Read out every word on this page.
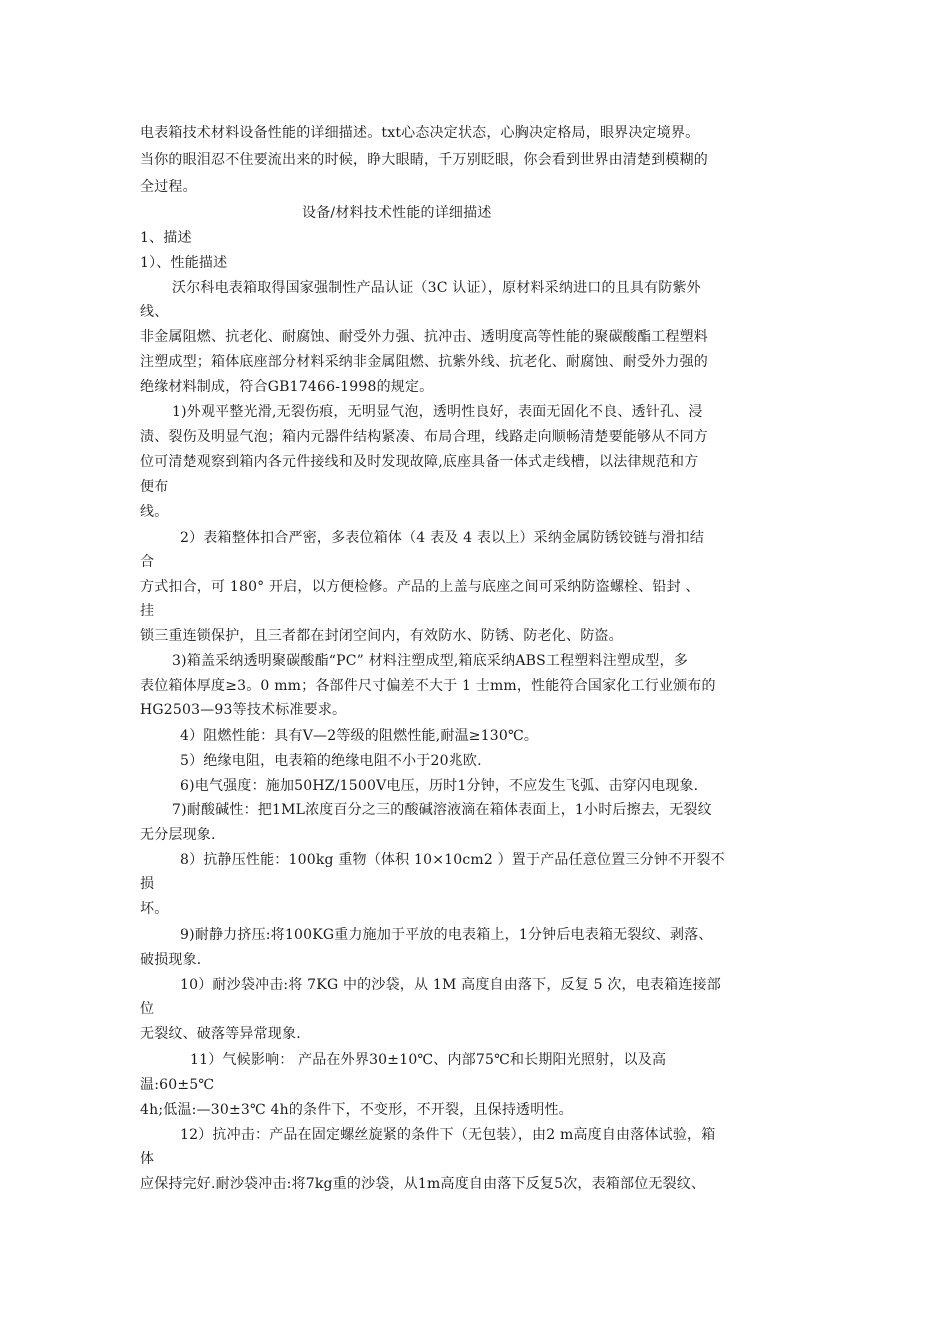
电表箱技术材料设备性能的详细描述。txt心态决定状态，心胸决定格局，眼界决定境界。
当你的眼泪忍不住要流出来的时候，睁大眼睛，千万别眨眼，你会看到世界由清楚到模糊的
全过程。
设备/材料技术性能的详细描述
1、描述
1）、性能描述
沃尔科电表箱取得国家强制性产品认证（3C 认证），原材料采纳进口的且具有防紫外
线、
非金属阻燃、抗老化、耐腐蚀、耐受外力强、抗冲击、透明度高等性能的聚碳酸酯工程塑料
注塑成型；箱体底座部分材料采纳非金属阻燃、抗紫外线、抗老化、耐腐蚀、耐受外力强的
绝缘材料制成，符合GB17466-1998的规定。
1)外观平整光滑,无裂伤痕，无明显气泡，透明性良好，表面无固化不良、透针孔、浸
渍、裂伤及明显气泡；箱内元器件结构紧凑、布局合理，线路走向顺畅清楚要能够从不同方
位可清楚观察到箱内各元件接线和及时发现故障,底座具备一体式走线槽，以法律规范和方
便布
线。
2）表箱整体扣合严密，多表位箱体（4 表及 4 表以上）采纳金属防锈铰链与滑扣结
合
方式扣合，可 180° 开启，以方便检修。产品的上盖与底座之间可采纳防盗螺栓、铅封 、
挂
锁三重连锁保护，且三者都在封闭空间内，有效防水、防锈、防老化、防盗。
3)箱盖采纳透明聚碳酸酯“PC” 材料注塑成型,箱底采纳ABS工程塑料注塑成型，多
表位箱体厚度≥3。0 mm；各部件尺寸偏差不大于 1 士mm，性能符合国家化工行业颁布的
HG2503—93等技术标准要求。
4）阻燃性能：具有V—2等级的阻燃性能,耐温≥130℃。
5）绝缘电阻，电表箱的绝缘电阻不小于20兆欧.
6)电气强度：施加50HZ/1500V电压，历时1分钟，不应发生飞弧、击穿闪电现象.
7)耐酸碱性：把1ML浓度百分之三的酸碱溶液滴在箱体表面上，1小时后擦去，无裂纹
无分层现象.
8）抗静压性能：100kg 重物（体积 10×10cm2 ）置于产品任意位置三分钟不开裂不
损
坏。
9)耐静力挤压:将100KG重力施加于平放的电表箱上，1分钟后电表箱无裂纹、剥落、
破损现象.
10）耐沙袋冲击:将 7KG 中的沙袋，从 1M 高度自由落下，反复 5 次，电表箱连接部
位
无裂纹、破落等异常现象.
11）气候影响： 产品在外界30±10℃、内部75℃和长期阳光照射，以及高
温:60±5℃
4h;低温:—30±3℃ 4h的条件下，不变形，不开裂，且保持透明性。
12）抗冲击：产品在固定螺丝旋紧的条件下（无包装），由2 m高度自由落体试验，箱
体
应保持完好.耐沙袋冲击:将7kg重的沙袋，从1m高度自由落下反复5次，表箱部位无裂纹、
